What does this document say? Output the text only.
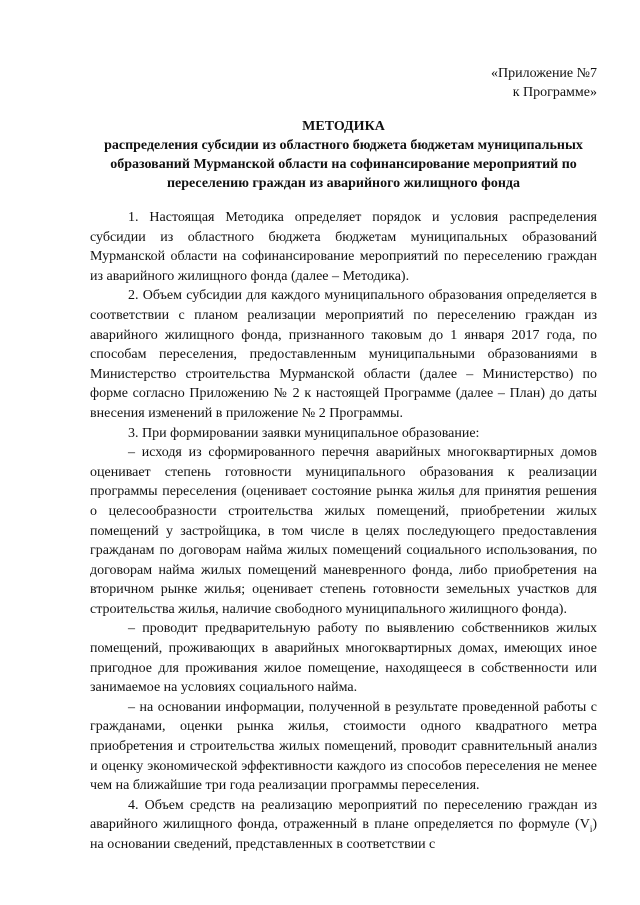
«Приложение №7
к Программе»
МЕТОДИКА
распределения субсидии из областного бюджета бюджетам муниципальных образований Мурманской области на софинансирование мероприятий по переселению граждан из аварийного жилищного фонда

1. Настоящая Методика определяет порядок и условия распределения субсидии из областного бюджета бюджетам муниципальных образований Мурманской области на софинансирование мероприятий по переселению граждан из аварийного жилищного фонда (далее – Методика).

2. Объем субсидии для каждого муниципального образования определяется в соответствии с планом реализации мероприятий по переселению граждан из аварийного жилищного фонда, признанного таковым до 1 января 2017 года, по способам переселения, предоставленным муниципальными образованиями в Министерство строительства Мурманской области (далее – Министерство) по форме согласно Приложению № 2 к настоящей Программе (далее – План) до даты внесения изменений в приложение № 2 Программы.

3. При формировании заявки муниципальное образование:

– исходя из сформированного перечня аварийных многоквартирных домов оценивает степень готовности муниципального образования к реализации программы переселения (оценивает состояние рынка жилья для принятия решения о целесообразности строительства жилых помещений, приобретении жилых помещений у застройщика, в том числе в целях последующего предоставления гражданам по договорам найма жилых помещений социального использования, по договорам найма жилых помещений маневренного фонда, либо приобретения на вторичном рынке жилья; оценивает степень готовности земельных участков для строительства жилья, наличие свободного муниципального жилищного фонда).

– проводит предварительную работу по выявлению собственников жилых помещений, проживающих в аварийных многоквартирных домах, имеющих иное пригодное для проживания жилое помещение, находящееся в собственности или занимаемое на условиях социального найма.

– на основании информации, полученной в результате проведенной работы с гражданами, оценки рынка жилья, стоимости одного квадратного метра приобретения и строительства жилых помещений, проводит сравнительный анализ и оценку экономической эффективности каждого из способов переселения не менее чем на ближайшие три года реализации программы переселения.

4. Объем средств на реализацию мероприятий по переселению граждан из аварийного жилищного фонда, отраженный в плане определяется по формуле $(V_i)$ на основании сведений, представленных в соответствии с
